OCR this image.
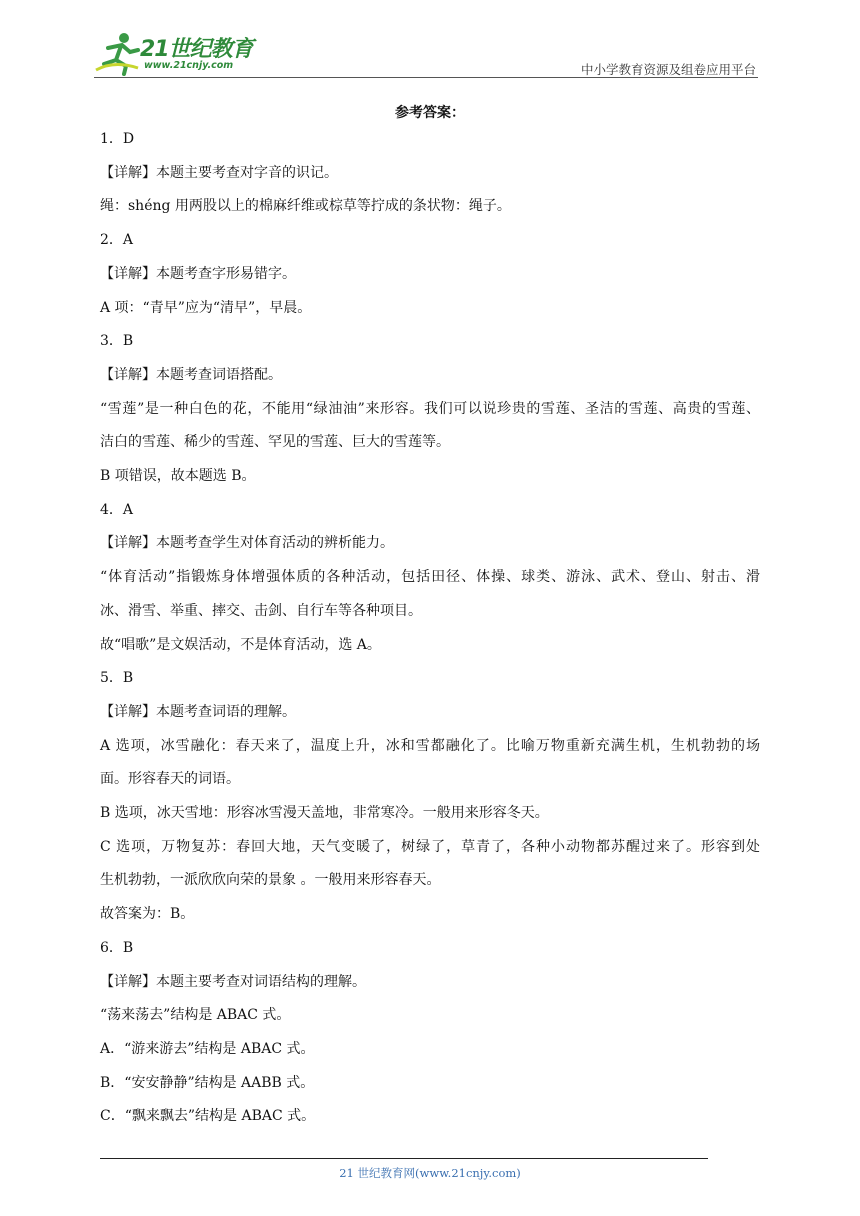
21世纪教育
www.21cnjy.com	中小学教育资源及组卷应用平台
参考答案：
1．D
【详解】本题主要考查对字音的识记。
绳：shéng 用两股以上的棉麻纤维或棕草等拧成的条状物：绳子。
2．A
【详解】本题考查字形易错字。
A 项：“青早”应为“清早”，早晨。
3．B
【详解】本题考查词语搭配。
“雪莲”是一种白色的花，不能用“绿油油”来形容。我们可以说珍贵的雪莲、圣洁的雪莲、高贵的雪莲、
洁白的雪莲、稀少的雪莲、罕见的雪莲、巨大的雪莲等。
B 项错误，故本题选 B。
4．A
【详解】本题考查学生对体育活动的辨析能力。
“体育活动”指锻炼身体增强体质的各种活动，包括田径、体操、球类、游泳、武术、登山、射击、滑
冰、滑雪、举重、摔交、击剑、自行车等各种项目。
故“唱歌”是文娱活动，不是体育活动，选 A。
5．B
【详解】本题考查词语的理解。
A 选项，冰雪融化：春天来了，温度上升，冰和雪都融化了。比喻万物重新充满生机，生机勃勃的场
面。形容春天的词语。
B 选项，冰天雪地：形容冰雪漫天盖地，非常寒冷。一般用来形容冬天。
C 选项，万物复苏：春回大地，天气变暖了，树绿了，草青了，各种小动物都苏醒过来了。形容到处
生机勃勃，一派欣欣向荣的景象 。一般用来形容春天。
故答案为：B。
6．B
【详解】本题主要考查对词语结构的理解。
“荡来荡去”结构是 ABAC 式。
A．“游来游去”结构是 ABAC 式。
B．“安安静静”结构是 AABB 式。
C．“飘来飘去”结构是 ABAC 式。
21 世纪教育网(www.21cnjy.com)
